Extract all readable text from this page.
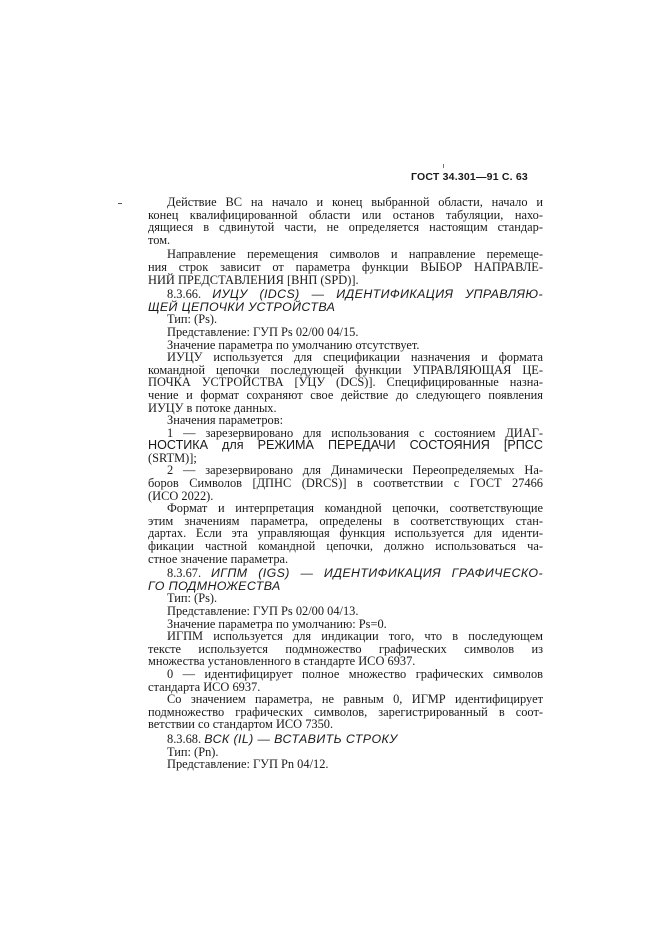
ГОСТ 34.301—91 С. 63
Действие ВС на начало и конец выбранной области, начало и
конец квалифицированной области или останов табуляции, нахо-
дящиеся в сдвинутой части, не определяется настоящим стандар-
том.
Направление перемещения символов и направление перемеще-
ния строк зависит от параметра функции ВЫБОР НАПРАВЛЕ-
НИЙ ПРЕДСТАВЛЕНИЯ [ВНП (SPD)].
8.3.66. ИУЦУ (IDCS) — ИДЕНТИФИКАЦИЯ УПРАВЛЯЮ-
ЩЕЙ ЦЕПОЧКИ УСТРОЙСТВА
Тип: (Ps).
Представление: ГУП Ps 02/00 04/15.
Значение параметра по умолчанию отсутствует.
ИУЦУ используется для спецификации назначения и формата
командной цепочки последующей функции УПРАВЛЯЮЩАЯ ЦЕ-
ПОЧКА УСТРОЙСТВА [УЦУ (DCS)]. Специфицированные назна-
чение и формат сохраняют свое действие до следующего появления
ИУЦУ в потоке данных.
Значения параметров:
1 — зарезервировано для использования с состоянием ДИАГ-
НОСТИКА для РЕЖИМА ПЕРЕДАЧИ СОСТОЯНИЯ [РПСС
(SRTM)];
2 — зарезервировано для Динамически Переопределяемых На-
боров Символов [ДПНС (DRCS)] в соответствии с ГОСТ 27466
(ИСО 2022).
Формат и интерпретация командной цепочки, соответствующие
этим значениям параметра, определены в соответствующих стан-
дартах. Если эта управляющая функция используется для иденти-
фикации частной командной цепочки, должно использоваться ча-
стное значение параметра.
8.3.67. ИГПМ (IGS) — ИДЕНТИФИКАЦИЯ ГРАФИЧЕСКО-
ГО ПОДМНОЖЕСТВА
Тип: (Ps).
Представление: ГУП Ps 02/00 04/13.
Значение параметра по умолчанию: Ps=0.
ИГПМ используется для индикации того, что в последующем
тексте используется подмножество графических символов из
множества установленного в стандарте ИСО 6937.
0 — идентифицирует полное множество графических символов
стандарта ИСО 6937.
Со значением параметра, не равным 0, ИГМР идентифицирует
подмножество графических символов, зарегистрированный в соот-
ветствии со стандартом ИСО 7350.
8.3.68. ВСК (IL) — ВСТАВИТЬ СТРОКУ
Тип: (Pn).
Представление: ГУП Pn 04/12.
